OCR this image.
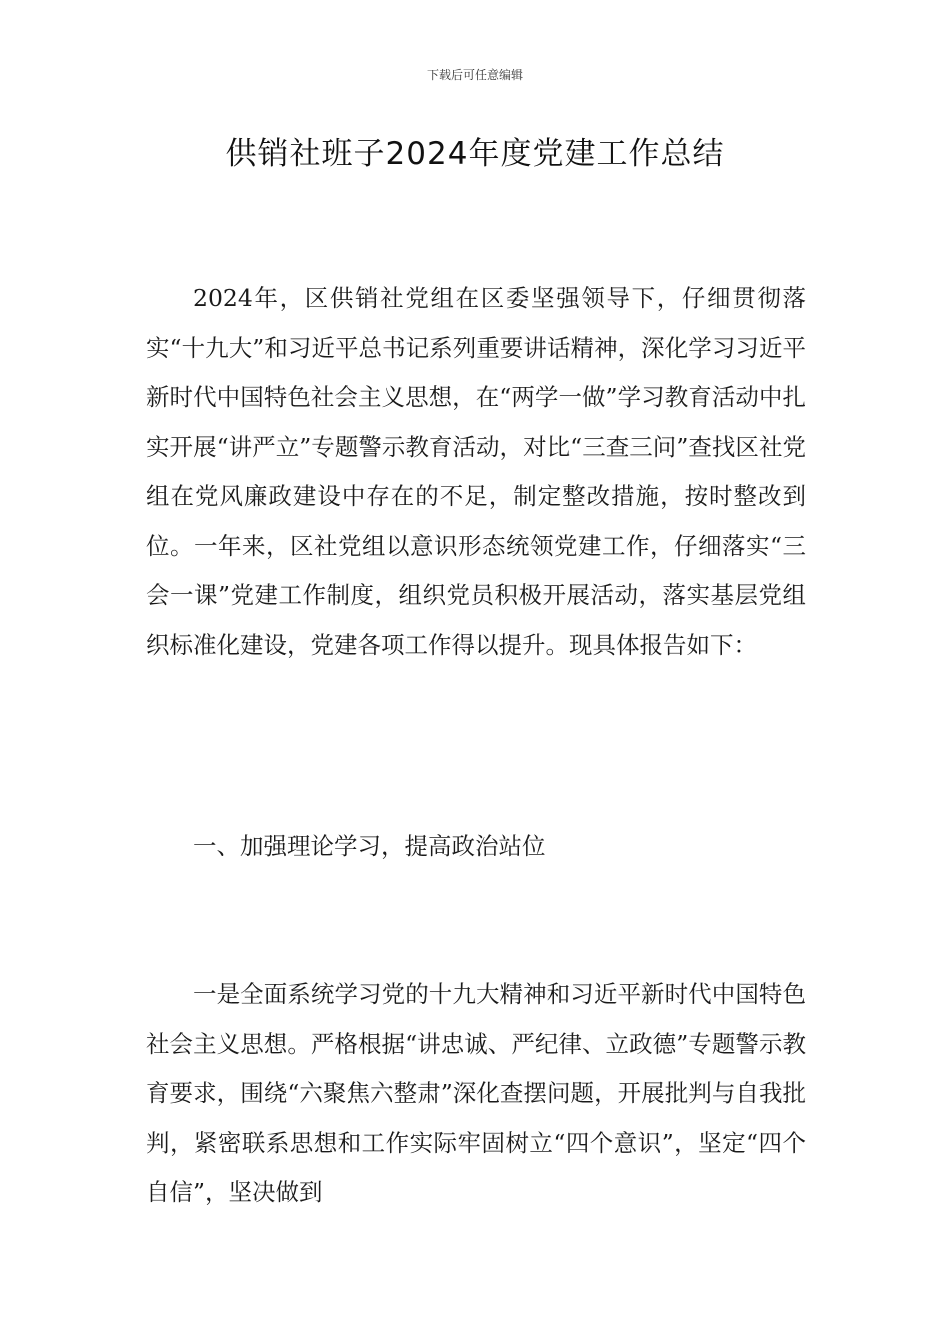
下载后可任意编辑
供销社班子2024年度党建工作总结

2024年，区供销社党组在区委坚强领导下，仔细贯彻落实“十九大”和习近平总书记系列重要讲话精神，深化学习习近平新时代中国特色社会主义思想，在“两学一做”学习教育活动中扎实开展“讲严立”专题警示教育活动，对比“三查三问”查找区社党组在党风廉政建设中存在的不足，制定整改措施，按时整改到位。一年来，区社党组以意识形态统领党建工作，仔细落实“三会一课”党建工作制度，组织党员积极开展活动，落实基层党组织标准化建设，党建各项工作得以提升。现具体报告如下：

一、加强理论学习，提高政治站位

一是全面系统学习党的十九大精神和习近平新时代中国特色社会主义思想。严格根据“讲忠诚、严纪律、立政德”专题警示教育要求，围绕“六聚焦六整肃”深化查摆问题，开展批判与自我批判，紧密联系思想和工作实际牢固树立“四个意识”，坚定“四个自信”，坚决做到
